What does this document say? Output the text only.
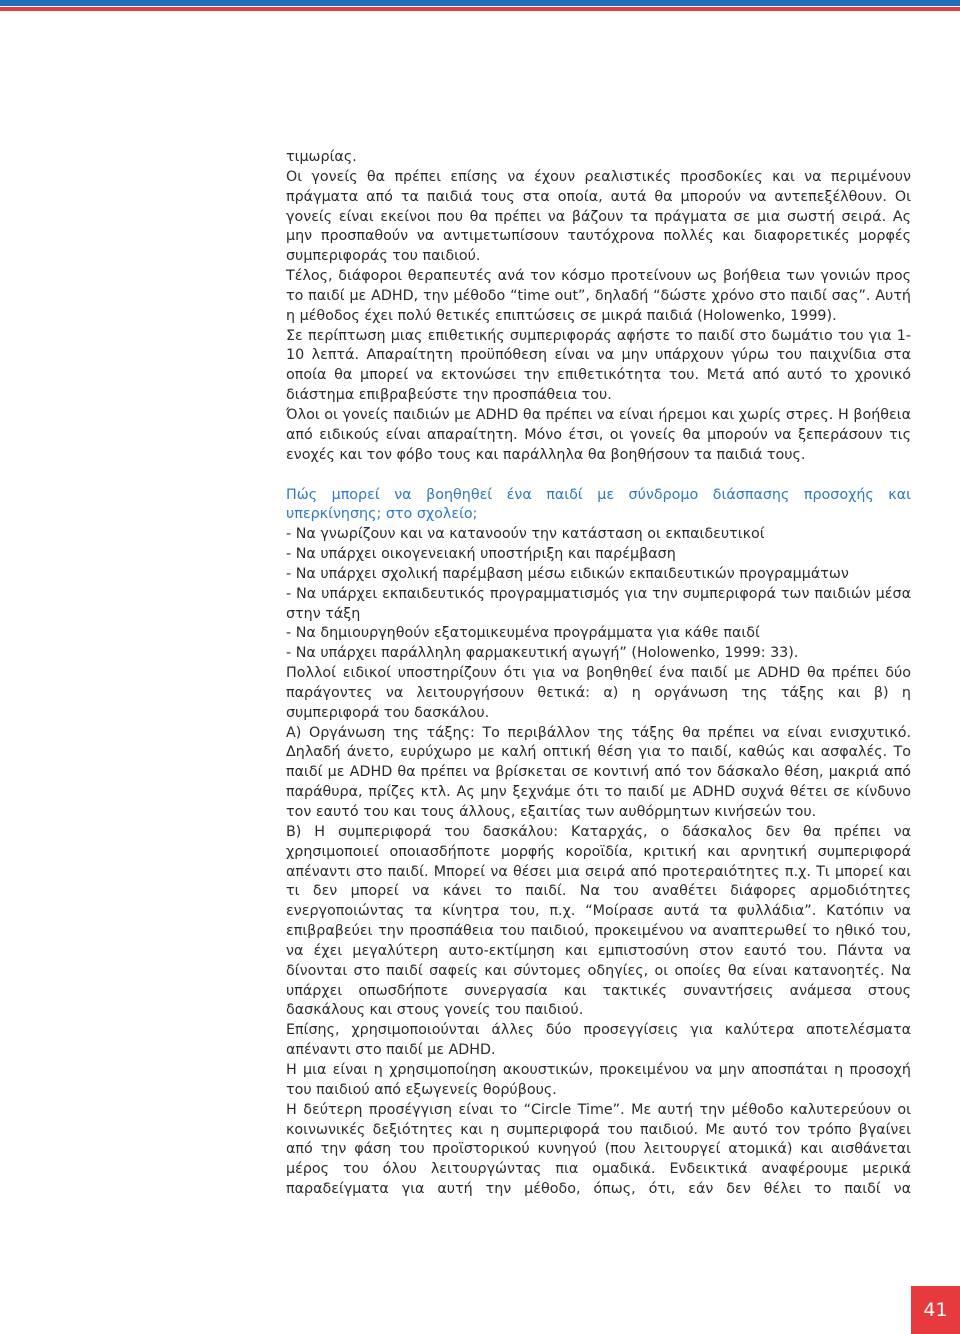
τιμωρίας.

Οι γονείς θα πρέπει επίσης να έχουν ρεαλιστικές προσδοκίες και να περιμένουν πράγματα από τα παιδιά τους στα οποία, αυτά θα μπορούν να αντεπεξέλθουν. Οι γονείς είναι εκείνοι που θα πρέπει να βάζουν τα πράγματα σε μια σωστή σειρά. Ας μην προσπαθούν να αντιμετωπίσουν ταυτόχρονα πολλές και διαφορετικές μορφές συμπεριφοράς του παιδιού.

Τέλος, διάφοροι θεραπευτές ανά τον κόσμο προτείνουν ως βοήθεια των γονιών προς το παιδί με ADHD, την μέθοδο “time out”, δηλαδή “δώστε χρόνο στο παιδί σας”. Αυτή η μέθοδος έχει πολύ θετικές επιπτώσεις σε μικρά παιδιά (Holowenko, 1999).

Σε περίπτωση μιας επιθετικής συμπεριφοράς αφήστε το παιδί στο δωμάτιο του για 1-10 λεπτά. Απαραίτητη προϋπόθεση είναι να μην υπάρχουν γύρω του παιχνίδια στα οποία θα μπορεί να εκτονώσει την επιθετικότητα του. Μετά από αυτό το χρονικό διάστημα επιβραβεύστε την προσπάθεια του.

Όλοι οι γονείς παιδιών με ADHD θα πρέπει να είναι ήρεμοι και χωρίς στρες. Η βοήθεια από ειδικούς είναι απαραίτητη. Μόνο έτσι, οι γονείς θα μπορούν να ξεπεράσουν τις ενοχές και τον φόβο τους και παράλληλα θα βοηθήσουν τα παιδιά τους.

Πώς μπορεί να βοηθηθεί ένα παιδί με σύνδρομο διάσπασης προσοχής και υπερκίνησης; στο σχολείο;

- Να γνωρίζουν και να κατανοούν την κατάσταση οι εκπαιδευτικοί

- Να υπάρχει οικογενειακή υποστήριξη και παρέμβαση

- Να υπάρχει σχολική παρέμβαση μέσω ειδικών εκπαιδευτικών προγραμμάτων

- Να υπάρχει εκπαιδευτικός προγραμματισμός για την συμπεριφορά των παιδιών μέσα στην τάξη

- Να δημιουργηθούν εξατομικευμένα προγράμματα για κάθε παιδί

- Να υπάρχει παράλληλη φαρμακευτική αγωγή” (Holowenko, 1999: 33).

Πολλοί ειδικοί υποστηρίζουν ότι για να βοηθηθεί ένα παιδί με ADHD θα πρέπει δύο παράγοντες να λειτουργήσουν θετικά: α) η οργάνωση της τάξης και β) η συμπεριφορά του δασκάλου.

Α) Οργάνωση της τάξης: Το περιβάλλον της τάξης θα πρέπει να είναι ενισχυτικό. Δηλαδή άνετο, ευρύχωρο με καλή οπτική θέση για το παιδί, καθώς και ασφαλές. Το παιδί με ADHD θα πρέπει να βρίσκεται σε κοντινή από τον δάσκαλο θέση, μακριά από παράθυρα, πρίζες κτλ. Ας μην ξεχνάμε ότι το παιδί με ADHD συχνά θέτει σε κίνδυνο τον εαυτό του και τους άλλους, εξαιτίας των αυθόρμητων κινήσεών του.

Β) Η συμπεριφορά του δασκάλου: Καταρχάς, ο δάσκαλος δεν θα πρέπει να χρησιμοποιεί οποιασδήποτε μορφής κοροϊδία, κριτική και αρνητική συμπεριφορά απέναντι στο παιδί. Μπορεί να θέσει μια σειρά από προτεραιότητες π.χ. Τι μπορεί και τι δεν μπορεί να κάνει το παιδί. Να του αναθέτει διάφορες αρμοδιότητες ενεργοποιώντας τα κίνητρα του, π.χ. “Μοίρασε αυτά τα φυλλάδια”. Κατόπιν να επιβραβεύει την προσπάθεια του παιδιού, προκειμένου να αναπτερωθεί το ηθικό του, να έχει μεγαλύτερη αυτο-εκτίμηση και εμπιστοσύνη στον εαυτό του. Πάντα να δίνονται στο παιδί σαφείς και σύντομες οδηγίες, οι οποίες θα είναι κατανοητές. Να υπάρχει οπωσδήποτε συνεργασία και τακτικές συναντήσεις ανάμεσα στους δασκάλους και στους γονείς του παιδιού.

Επίσης, χρησιμοποιούνται άλλες δύο προσεγγίσεις για καλύτερα αποτελέσματα απέναντι στο παιδί με ADHD.

Η μια είναι η χρησιμοποίηση ακουστικών, προκειμένου να μην αποσπάται η προσοχή του παιδιού από εξωγενείς θορύβους.

Η δεύτερη προσέγγιση είναι το “Circle Time”. Με αυτή την μέθοδο καλυτερεύουν οι κοινωνικές δεξιότητες και η συμπεριφορά του παιδιού. Με αυτό τον τρόπο βγαίνει από την φάση του προϊστορικού κυνηγού (που λειτουργεί ατομικά) και αισθάνεται μέρος του όλου λειτουργώντας πια ομαδικά. Ενδεικτικά αναφέρουμε μερικά παραδείγματα για αυτή την μέθοδο, όπως, ότι, εάν δεν θέλει το παιδί να

41
